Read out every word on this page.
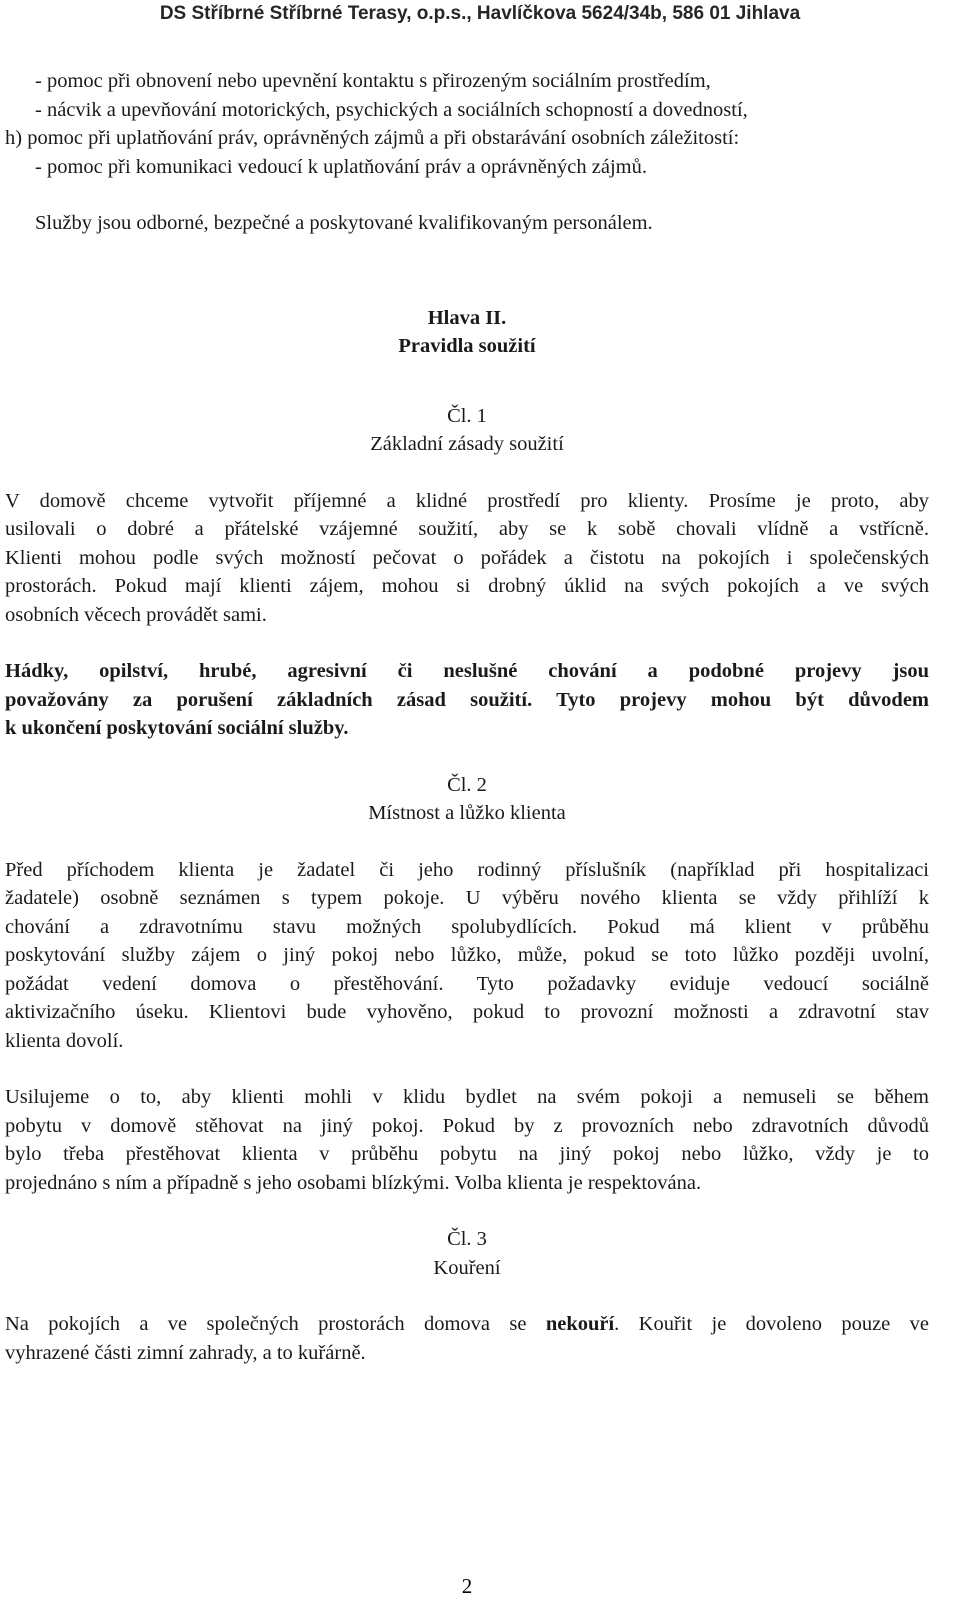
DS Stříbrné Stříbrné Terasy, o.p.s., Havlíčkova 5624/34b, 586 01 Jihlava
- pomoc při obnovení nebo upevnění kontaktu s přirozeným sociálním prostředím,
- nácvik a upevňování motorických, psychických a sociálních schopností a dovedností,
h) pomoc při uplatňování práv, oprávněných zájmů a při obstarávání osobních záležitostí:
- pomoc při komunikaci vedoucí k uplatňování práv a oprávněných zájmů.

Služby jsou odborné, bezpečné a poskytované kvalifikovaným personálem.

Hlava II.

Pravidla soužití

Čl. 1

Základní zásady soužití

V domově chceme vytvořit příjemné a klidné prostředí pro klienty. Prosíme je proto, aby
usilovali o dobré a přátelské vzájemné soužití, aby se k sobě chovali vlídně a vstřícně.
Klienti mohou podle svých možností pečovat o pořádek a čistotu na pokojích i společenských
prostorách. Pokud mají klienti zájem, mohou si drobný úklid na svých pokojích a ve svých
osobních věcech provádět sami.
Hádky, opilství, hrubé, agresivní či neslušné chování a podobné projevy jsou
považovány za porušení základních zásad soužití. Tyto projevy mohou být důvodem
k ukončení poskytování sociální služby.

Čl. 2

Místnost a lůžko klienta

Před příchodem klienta je žadatel či jeho rodinný příslušník (například při hospitalizaci
žadatele) osobně seznámen s typem pokoje. U výběru nového klienta se vždy přihlíží k
chování a zdravotnímu stavu možných spolubydlících. Pokud má klient v průběhu
poskytování služby zájem o jiný pokoj nebo lůžko, může, pokud se toto lůžko později uvolní,
požádat vedení domova o přestěhování. Tyto požadavky eviduje vedoucí sociálně
aktivizačního úseku. Klientovi bude vyhověno, pokud to provozní možnosti a zdravotní stav
klienta dovolí.
Usilujeme o to, aby klienti mohli v klidu bydlet na svém pokoji a nemuseli se během
pobytu v domově stěhovat na jiný pokoj. Pokud by z provozních nebo zdravotních důvodů
bylo třeba přestěhovat klienta v průběhu pobytu na jiný pokoj nebo lůžko, vždy je to
projednáno s ním a případně s jeho osobami blízkými. Volba klienta je respektována.

Čl. 3

Kouření

Na pokojích a ve společných prostorách domova se nekouří. Kouřit je dovoleno pouze ve
vyhrazené části zimní zahrady, a to kuřárně.
2
